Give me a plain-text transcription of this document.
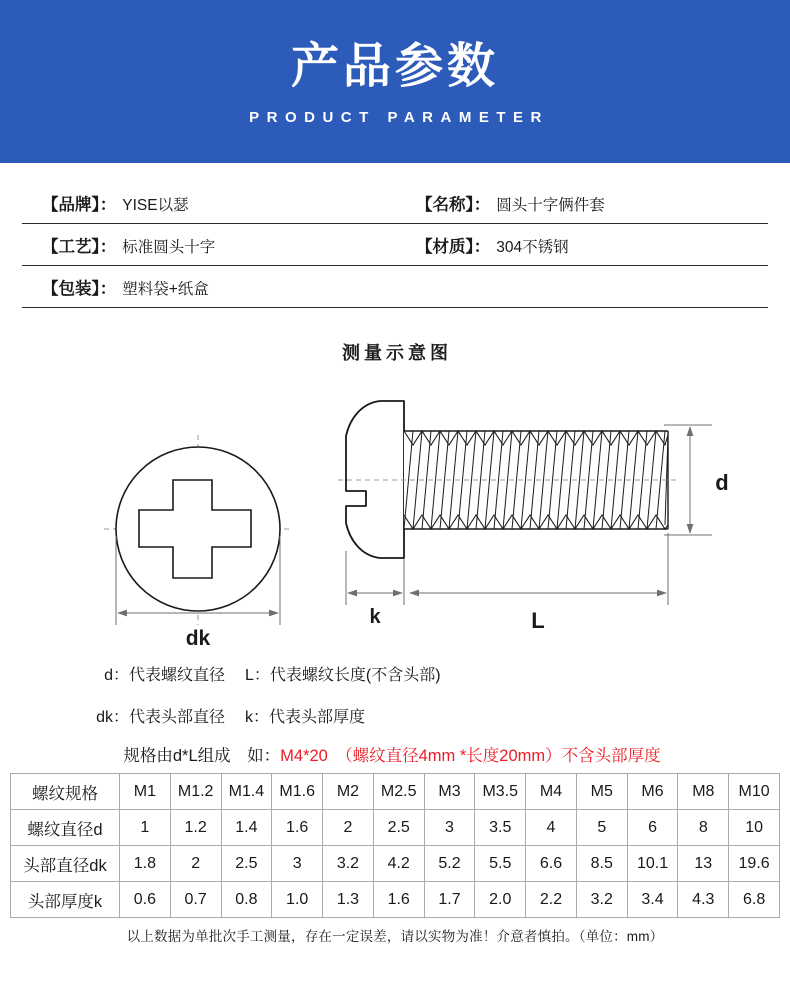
产品参数
PRODUCT PARAMETER
【品牌】： YISE以瑟	【名称】： 圆头十字俩件套
【工艺】： 标准圆头十字	【材质】： 304不锈钢
【包装】： 塑料袋+纸盒
测量示意图
dk
k	L
d
d：代表螺纹直径	L：代表螺纹长度(不含头部)
dk：代表头部直径	k：代表头部厚度
规格由d*L组成　如：M4*20　（螺纹直径4mm *长度20mm）不含头部厚度
螺纹规格	M1	M1.2	M1.4	M1.6	M2	M2.5	M3	M3.5	M4	M5	M6	M8	M10
螺纹直径d	1	1.2	1.4	1.6	2	2.5	3	3.5	4	5	6	8	10
头部直径dk	1.8	2	2.5	3	3.2	4.2	5.2	5.5	6.6	8.5	10.1	13	19.6
头部厚度k	0.6	0.7	0.8	1.0	1.3	1.6	1.7	2.0	2.2	3.2	3.4	4.3	6.8
以上数据为单批次手工测量，存在一定误差，请以实物为准！介意者慎拍。（单位：mm）
